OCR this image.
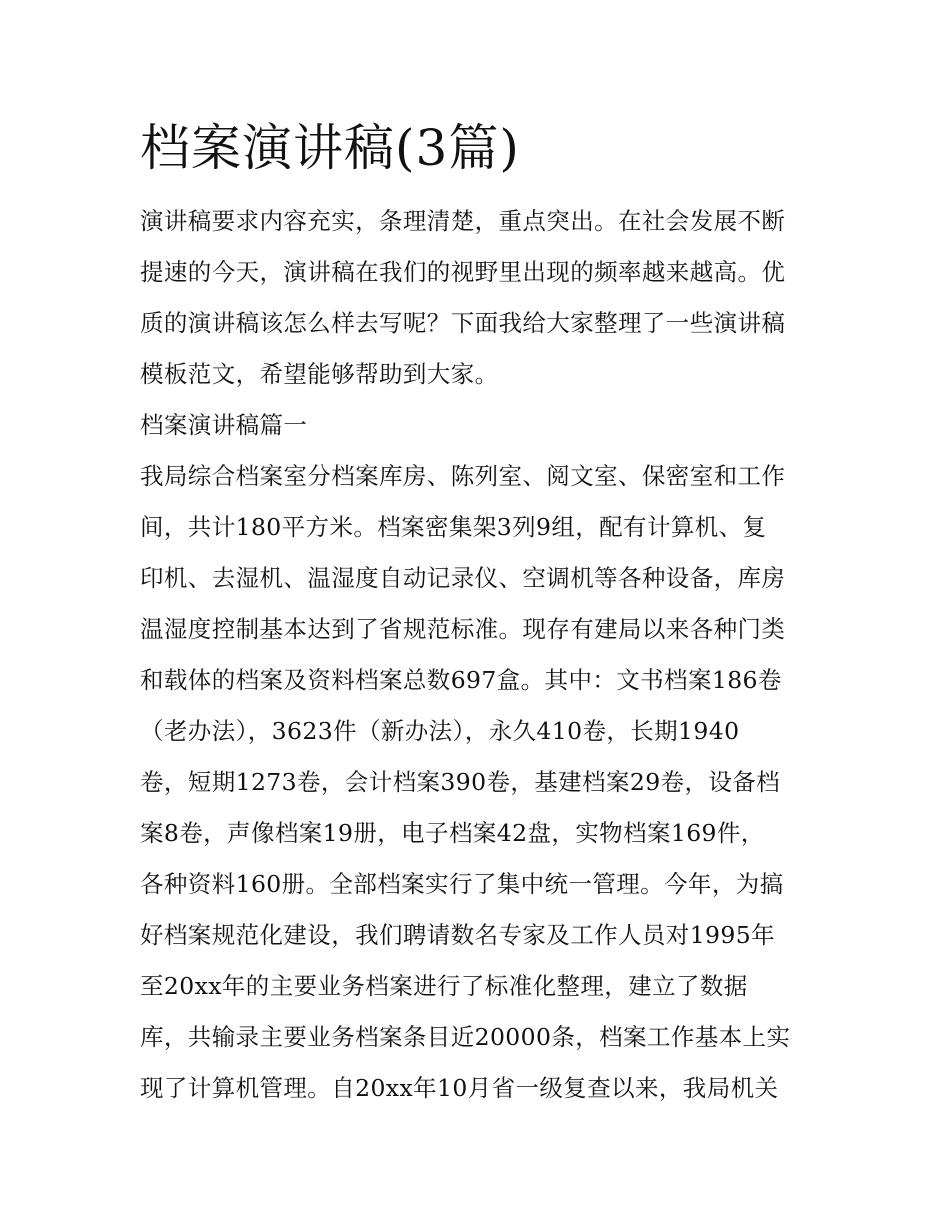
档案演讲稿(3篇)
演讲稿要求内容充实，条理清楚，重点突出。在社会发展不断
提速的今天，演讲稿在我们的视野里出现的频率越来越高。优
质的演讲稿该怎么样去写呢？下面我给大家整理了一些演讲稿
模板范文，希望能够帮助到大家。
档案演讲稿篇一
我局综合档案室分档案库房、陈列室、阅文室、保密室和工作
间，共计180平方米。档案密集架3列9组，配有计算机、复
印机、去湿机、温湿度自动记录仪、空调机等各种设备，库房
温湿度控制基本达到了省规范标准。现存有建局以来各种门类
和载体的档案及资料档案总数697盒。其中：文书档案186卷
（老办法），3623件（新办法），永久410卷，长期1940
卷，短期1273卷，会计档案390卷，基建档案29卷，设备档
案8卷，声像档案19册，电子档案42盘，实物档案169件，
各种资料160册。全部档案实行了集中统一管理。今年，为搞
好档案规范化建设，我们聘请数名专家及工作人员对1995年
至20xx年的主要业务档案进行了标准化整理，建立了数据
库，共输录主要业务档案条目近20000条，档案工作基本上实
现了计算机管理。自20xx年10月省一级复查以来，我局机关
